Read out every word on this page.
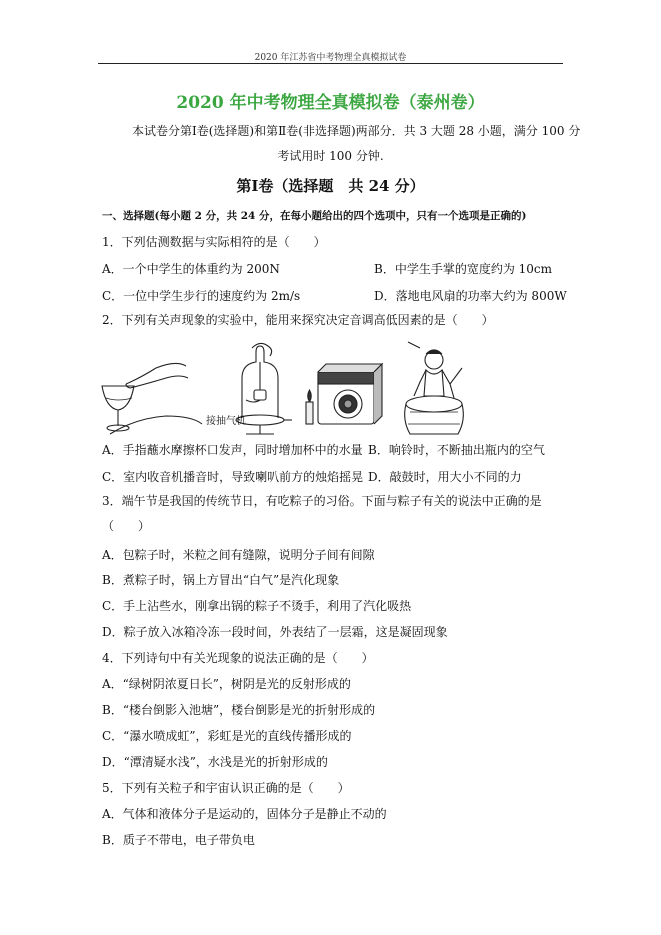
2020 年江苏省中考物理全真模拟试卷
2020 年中考物理全真模拟卷（泰州卷）
本试卷分第Ⅰ卷(选择题)和第Ⅱ卷(非选择题)两部分．共 3 大题 28 小题，满分 100 分
考试用时 100 分钟.
第Ⅰ卷（选择题　共 24 分）
一、选择题(每小题 2 分，共 24 分，在每小题给出的四个选项中，只有一个选项是正确的)
1．下列估测数据与实际相符的是（　　）
A．一个中学生的体重约为 200N	B．中学生手掌的宽度约为 10cm
C．一位中学生步行的速度约为 2m/s	D．落地电风扇的功率大约为 800W
2．下列有关声现象的实验中，能用来探究决定音调高低因素的是（　　）
接抽气机
A．手指蘸水摩擦杯口发声，同时增加杯中的水量 B．响铃时，不断抽出瓶内的空气
C．室内收音机播音时，导致喇叭前方的烛焰摇晃 D．敲鼓时，用大小不同的力
3．端午节是我国的传统节日，有吃粽子的习俗。下面与粽子有关的说法中正确的是
（　　）
A．包粽子时，米粒之间有缝隙，说明分子间有间隙
B．煮粽子时，锅上方冒出“白气”是汽化现象
C．手上沾些水，刚拿出锅的粽子不烫手，利用了汽化吸热
D．粽子放入冰箱冷冻一段时间，外表结了一层霜，这是凝固现象
4．下列诗句中有关光现象的说法正确的是（　　）
A．“绿树阴浓夏日长”，树阴是光的反射形成的
B．“楼台倒影入池塘”，楼台倒影是光的折射形成的
C．“瀑水喷成虹”，彩虹是光的直线传播形成的
D．“潭清疑水浅”，水浅是光的折射形成的
5．下列有关粒子和宇宙认识正确的是（　　）
A．气体和液体分子是运动的，固体分子是静止不动的
B．质子不带电，电子带负电
